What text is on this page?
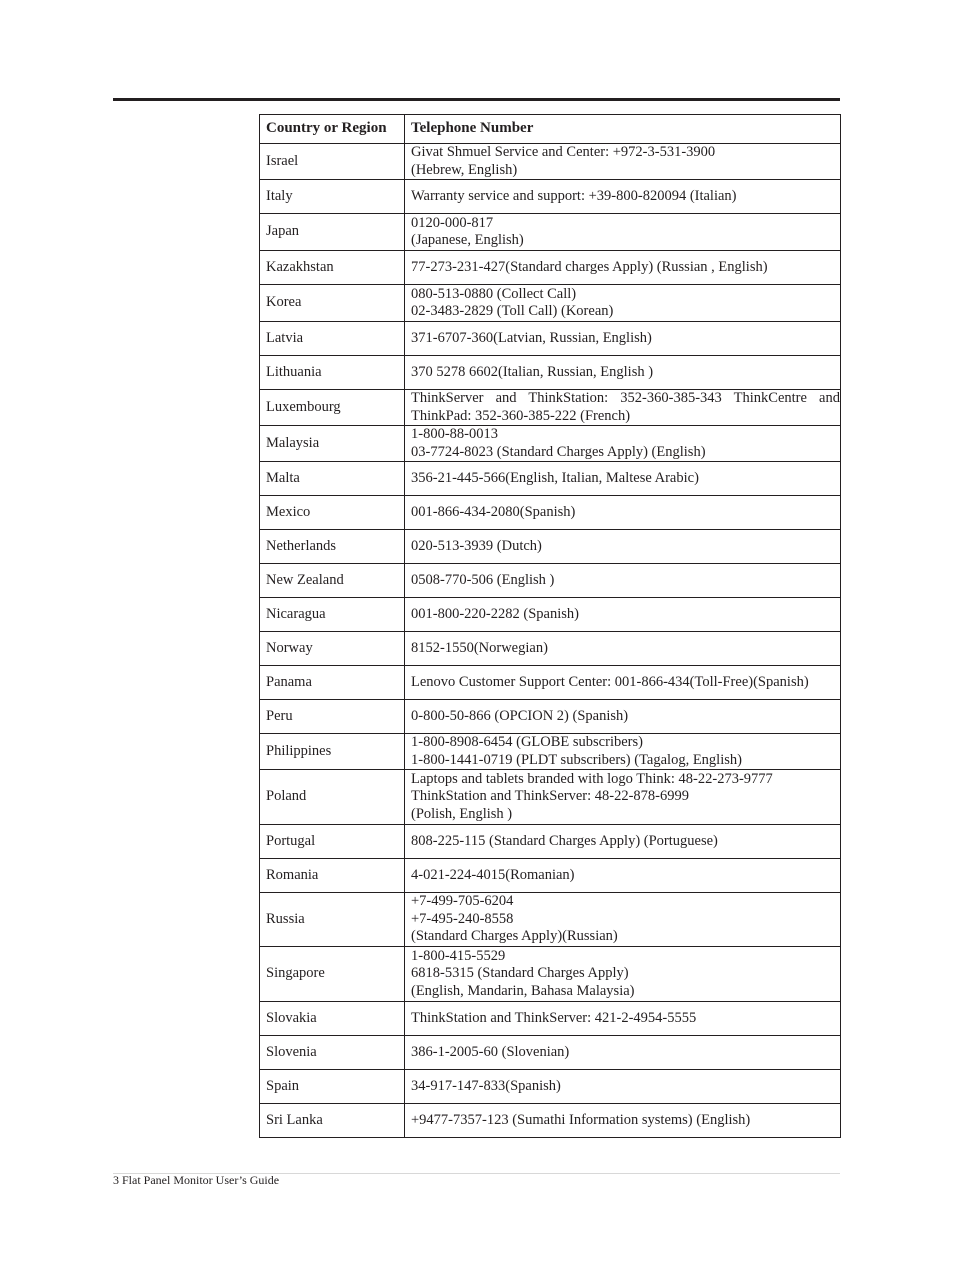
Country or Region	Telephone Number
Israel	Givat Shmuel Service and Center: +972-3-531-3900
(Hebrew, English)

Italy	Warranty service and support: +39-800-820094 (Italian)

Japan	0120-000-817
(Japanese, English)

Kazakhstan	77-273-231-427(Standard charges Apply) (Russian , English)

Korea	080-513-0880 (Collect Call)
02-3483-2829 (Toll Call) (Korean)

Latvia	371-6707-360(Latvian, Russian, English)

Lithuania	370 5278 6602(Italian, Russian, English )

Luxembourg	ThinkServer and ThinkStation: 352-360-385-343 ThinkCentre and ThinkPad: 352-360-385-222 (French)

Malaysia	1-800-88-0013
03-7724-8023 (Standard Charges Apply) (English)

Malta	356-21-445-566(English, Italian, Maltese Arabic)

Mexico	001-866-434-2080(Spanish)

Netherlands	020-513-3939 (Dutch)

New Zealand	0508-770-506 (English )

Nicaragua	001-800-220-2282 (Spanish)

Norway	8152-1550(Norwegian)

Panama	Lenovo Customer Support Center: 001-866-434(Toll-Free)(Spanish)

Peru	0-800-50-866 (OPCION 2) (Spanish)

Philippines	1-800-8908-6454 (GLOBE subscribers)
1-800-1441-0719 (PLDT subscribers) (Tagalog, English)

Poland	Laptops and tablets branded with logo Think: 48-22-273-9777
ThinkStation and ThinkServer: 48-22-878-6999
(Polish, English )

Portugal	808-225-115 (Standard Charges Apply) (Portuguese)

Romania	4-021-224-4015(Romanian)

Russia	+7-499-705-6204
+7-495-240-8558
(Standard Charges Apply)(Russian)

Singapore	1-800-415-5529
6818-5315 (Standard Charges Apply)
(English, Mandarin, Bahasa Malaysia)

Slovakia	ThinkStation and ThinkServer: 421-2-4954-5555

Slovenia	386-1-2005-60 (Slovenian)

Spain	34-917-147-833(Spanish)

Sri Lanka	+9477-7357-123 (Sumathi Information systems) (English)
3 Flat Panel Monitor User’s Guide
